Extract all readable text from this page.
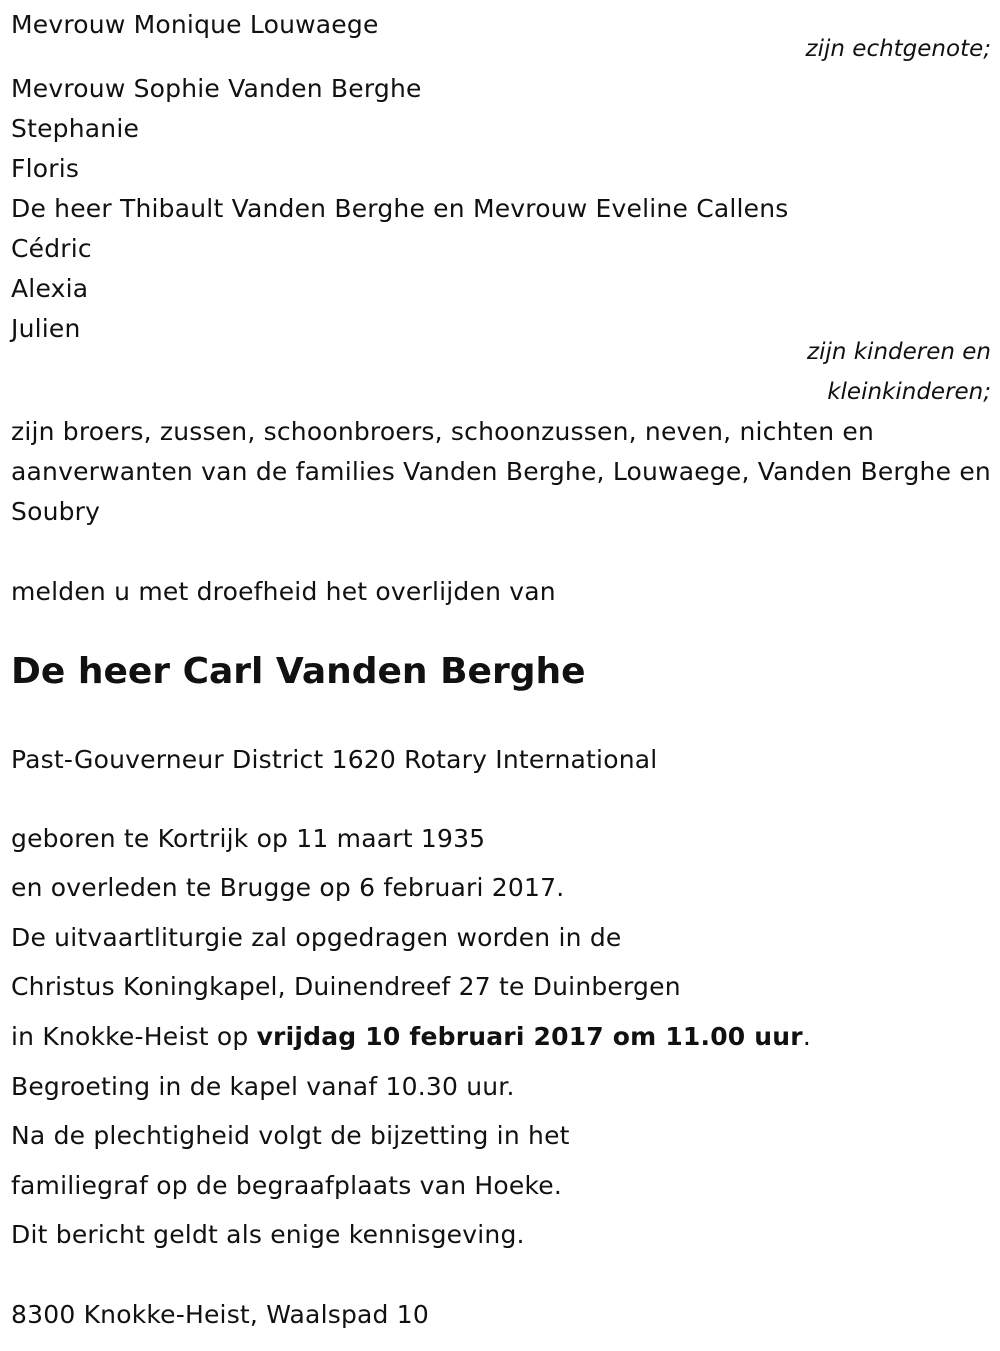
Mevrouw Monique Louwaege
zijn echtgenote;
Mevrouw Sophie Vanden Berghe
Stephanie
Floris
De heer Thibault Vanden Berghe en Mevrouw Eveline Callens
Cédric
Alexia
Julien
zijn kinderen en
kleinkinderen;
zijn broers, zussen, schoonbroers, schoonzussen, neven, nichten en aanverwanten van de families Vanden Berghe, Louwaege, Vanden Berghe en Soubry
melden u met droefheid het overlijden van
De heer Carl Vanden Berghe
Past-Gouverneur District 1620 Rotary International
geboren te Kortrijk op 11 maart 1935
en overleden te Brugge op 6 februari 2017.
De uitvaartliturgie zal opgedragen worden in de
Christus Koningkapel, Duinendreef 27 te Duinbergen
in Knokke-Heist op vrijdag 10 februari 2017 om 11.00 uur.
Begroeting in de kapel vanaf 10.30 uur.
Na de plechtigheid volgt de bijzetting in het
familiegraf op de begraafplaats van Hoeke.
Dit bericht geldt als enige kennisgeving.
8300 Knokke-Heist, Waalspad 10
